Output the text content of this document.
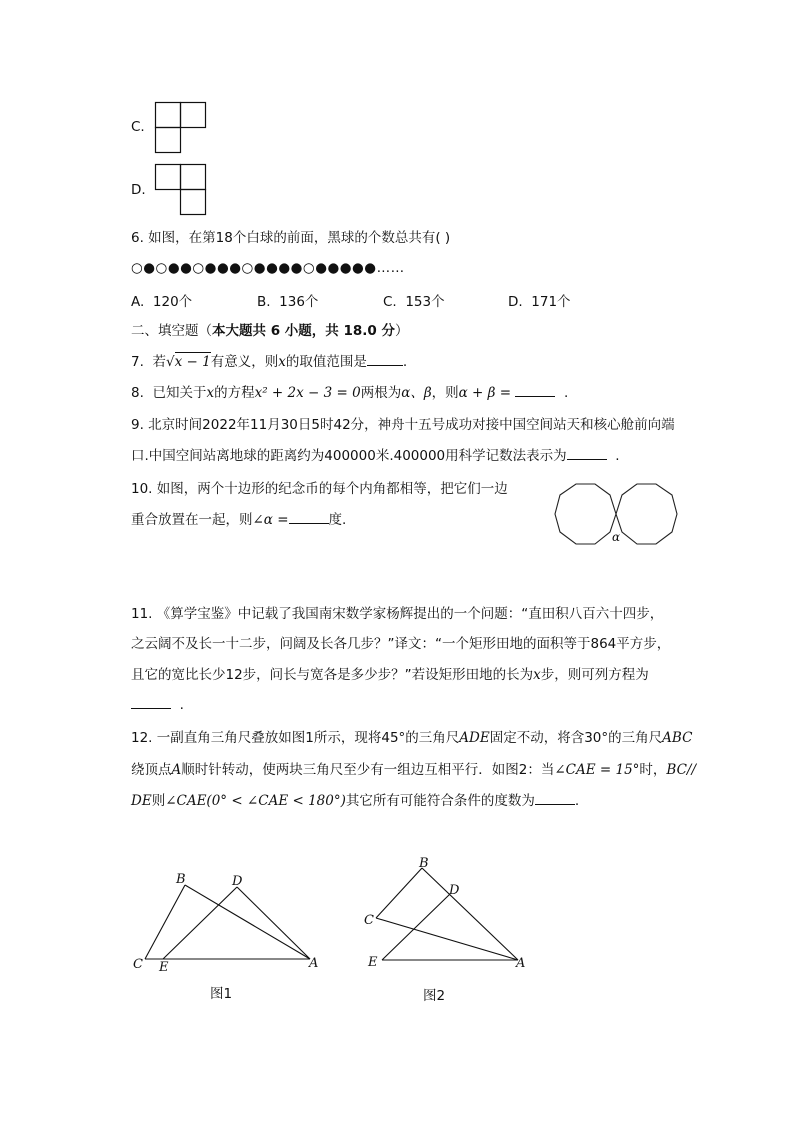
C.
D.
6. 如图，在第18个白球的前面，黑球的个数总共有( )
○●○●●○●●●○●●●●○●●●●●……
A. 120个	B. 136个	C. 153个	D. 171个
二、填空题（本大题共 6 小题，共 18.0 分）
7. 若√x − 1有意义，则x的取值范围是	.
8. 已知关于x的方程x² + 2x − 3 = 0两根为α、β，则α + β =	.
9. 北京时间2022年11月30日5时42分，神舟十五号成功对接中国空间站天和核心舱前向端
口.中国空间站离地球的距离约为400000米.400000用科学记数法表示为	.
10. 如图，两个十边形的纪念币的每个内角都相等，把它们一边
重合放置在一起，则∠α =	度.
α
11. 《算学宝鉴》中记载了我国南宋数学家杨辉提出的一个问题：“直田积八百六十四步，
之云阔不及长一十二步，问阔及长各几步？”译文：“一个矩形田地的面积等于864平方步，
且它的宽比长少12步，问长与宽各是多少步？”若设矩形田地的长为x步，则可列方程为
.
12. 一副直角三角尺叠放如图1所示，现将45°的三角尺ADE固定不动，将含30°的三角尺ABC
绕顶点A顺时针转动，使两块三角尺至少有一组边互相平行．如图2：当∠CAE = 15°时，BC//
DE则∠CAE(0° < ∠CAE < 180°)其它所有可能符合条件的度数为	.
B	D
C E	A
图1
B
D
C
E	A
图2
